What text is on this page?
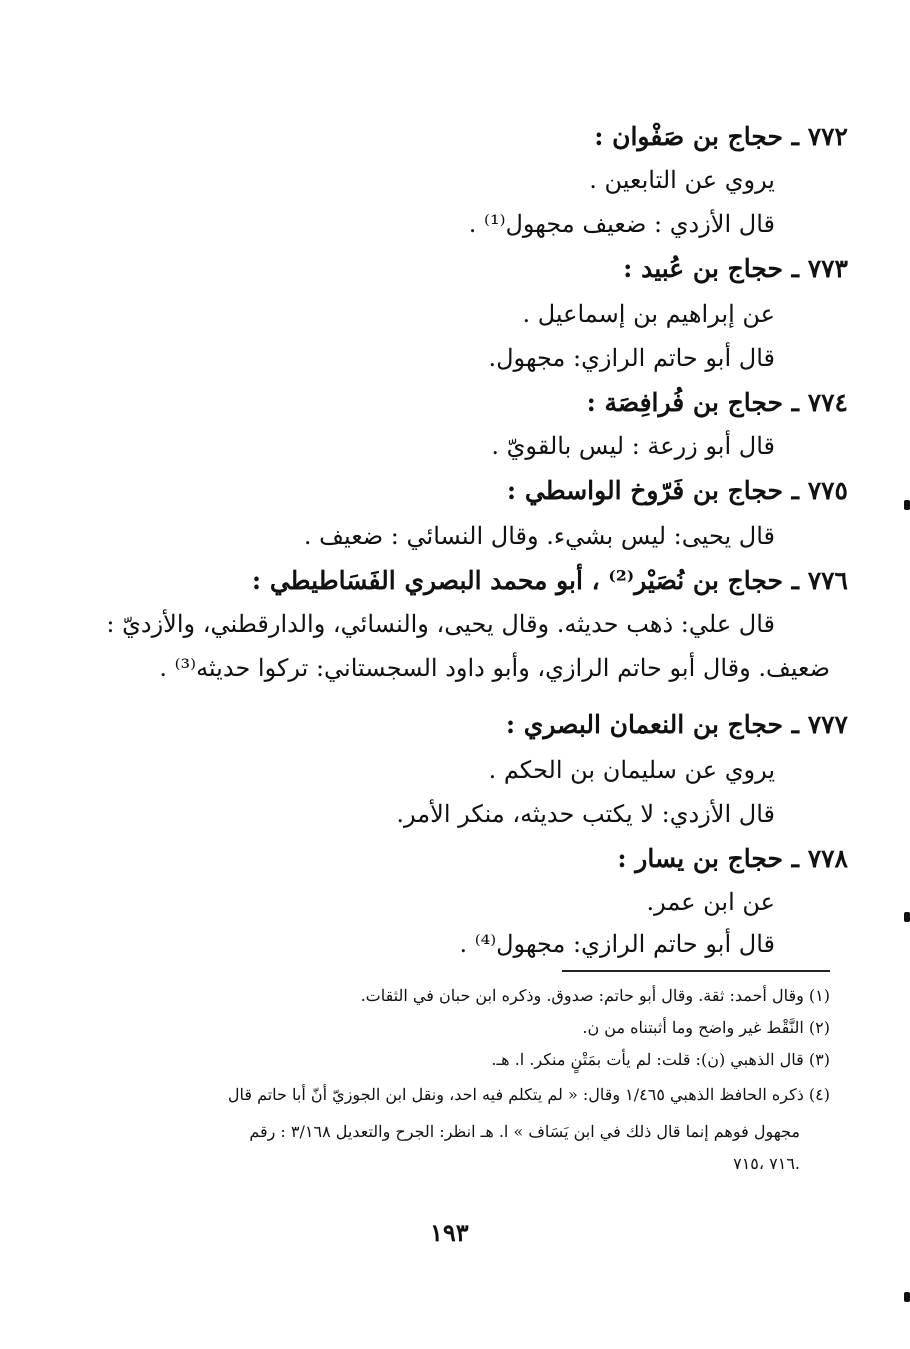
٧٧٢ ـ حجاج بن صَفْوان :
يروي عن التابعين .
قال الأزدي : ضعيف مجهول⁽¹⁾ .
٧٧٣ ـ حجاج بن عُبيد :
عن إبراهيم بن إسماعيل .
قال أبو حاتم الرازي: مجهول.
٧٧٤ ـ حجاج بن فُرافِصَة :
قال أبو زرعة : ليس بالقويّ .
٧٧٥ ـ حجاج بن فَرّوخ الواسطي :
قال يحيى: ليس بشيء. وقال النسائي : ضعيف .
٧٧٦ ـ حجاج بن نُصَيْر⁽²⁾ ، أبو محمد البصري الفَسَاطيطي :
قال علي: ذهب حديثه. وقال يحيى، والنسائي، والدارقطني، والأزديّ :
ضعيف. وقال أبو حاتم الرازي، وأبو داود السجستاني: تركوا حديثه⁽³⁾ .
٧٧٧ ـ حجاج بن النعمان البصري :
يروي عن سليمان بن الحكم .
قال الأزدي: لا يكتب حديثه، منكر الأمر.
٧٧٨ ـ حجاج بن يسار :
عن ابن عمر.
قال أبو حاتم الرازي: مجهول⁽⁴⁾ .
(١) وقال أحمد: ثقة. وقال أبو حاتم: صدوق. وذكره ابن حبان في الثقات.
(٢) النَّقْط غير واضح وما أثبتناه من ن.
(٣) قال الذهبي (ن): قلت: لم يأت بمَتْنٍ منكر. ا. هـ.
(٤) ذكره الحافظ الذهبي ١/٤٦٥ وقال: « لم يتكلم فيه احد، ونقل ابن الجوزيّ أنّ أبا حاتم قال
مجهول فوهم إنما قال ذلك في ابن يَسَاف » ا. هـ انظر: الجرح والتعديل ٣/١٦٨ : رقم
.٧١٦ ،٧١٥
١٩٣
